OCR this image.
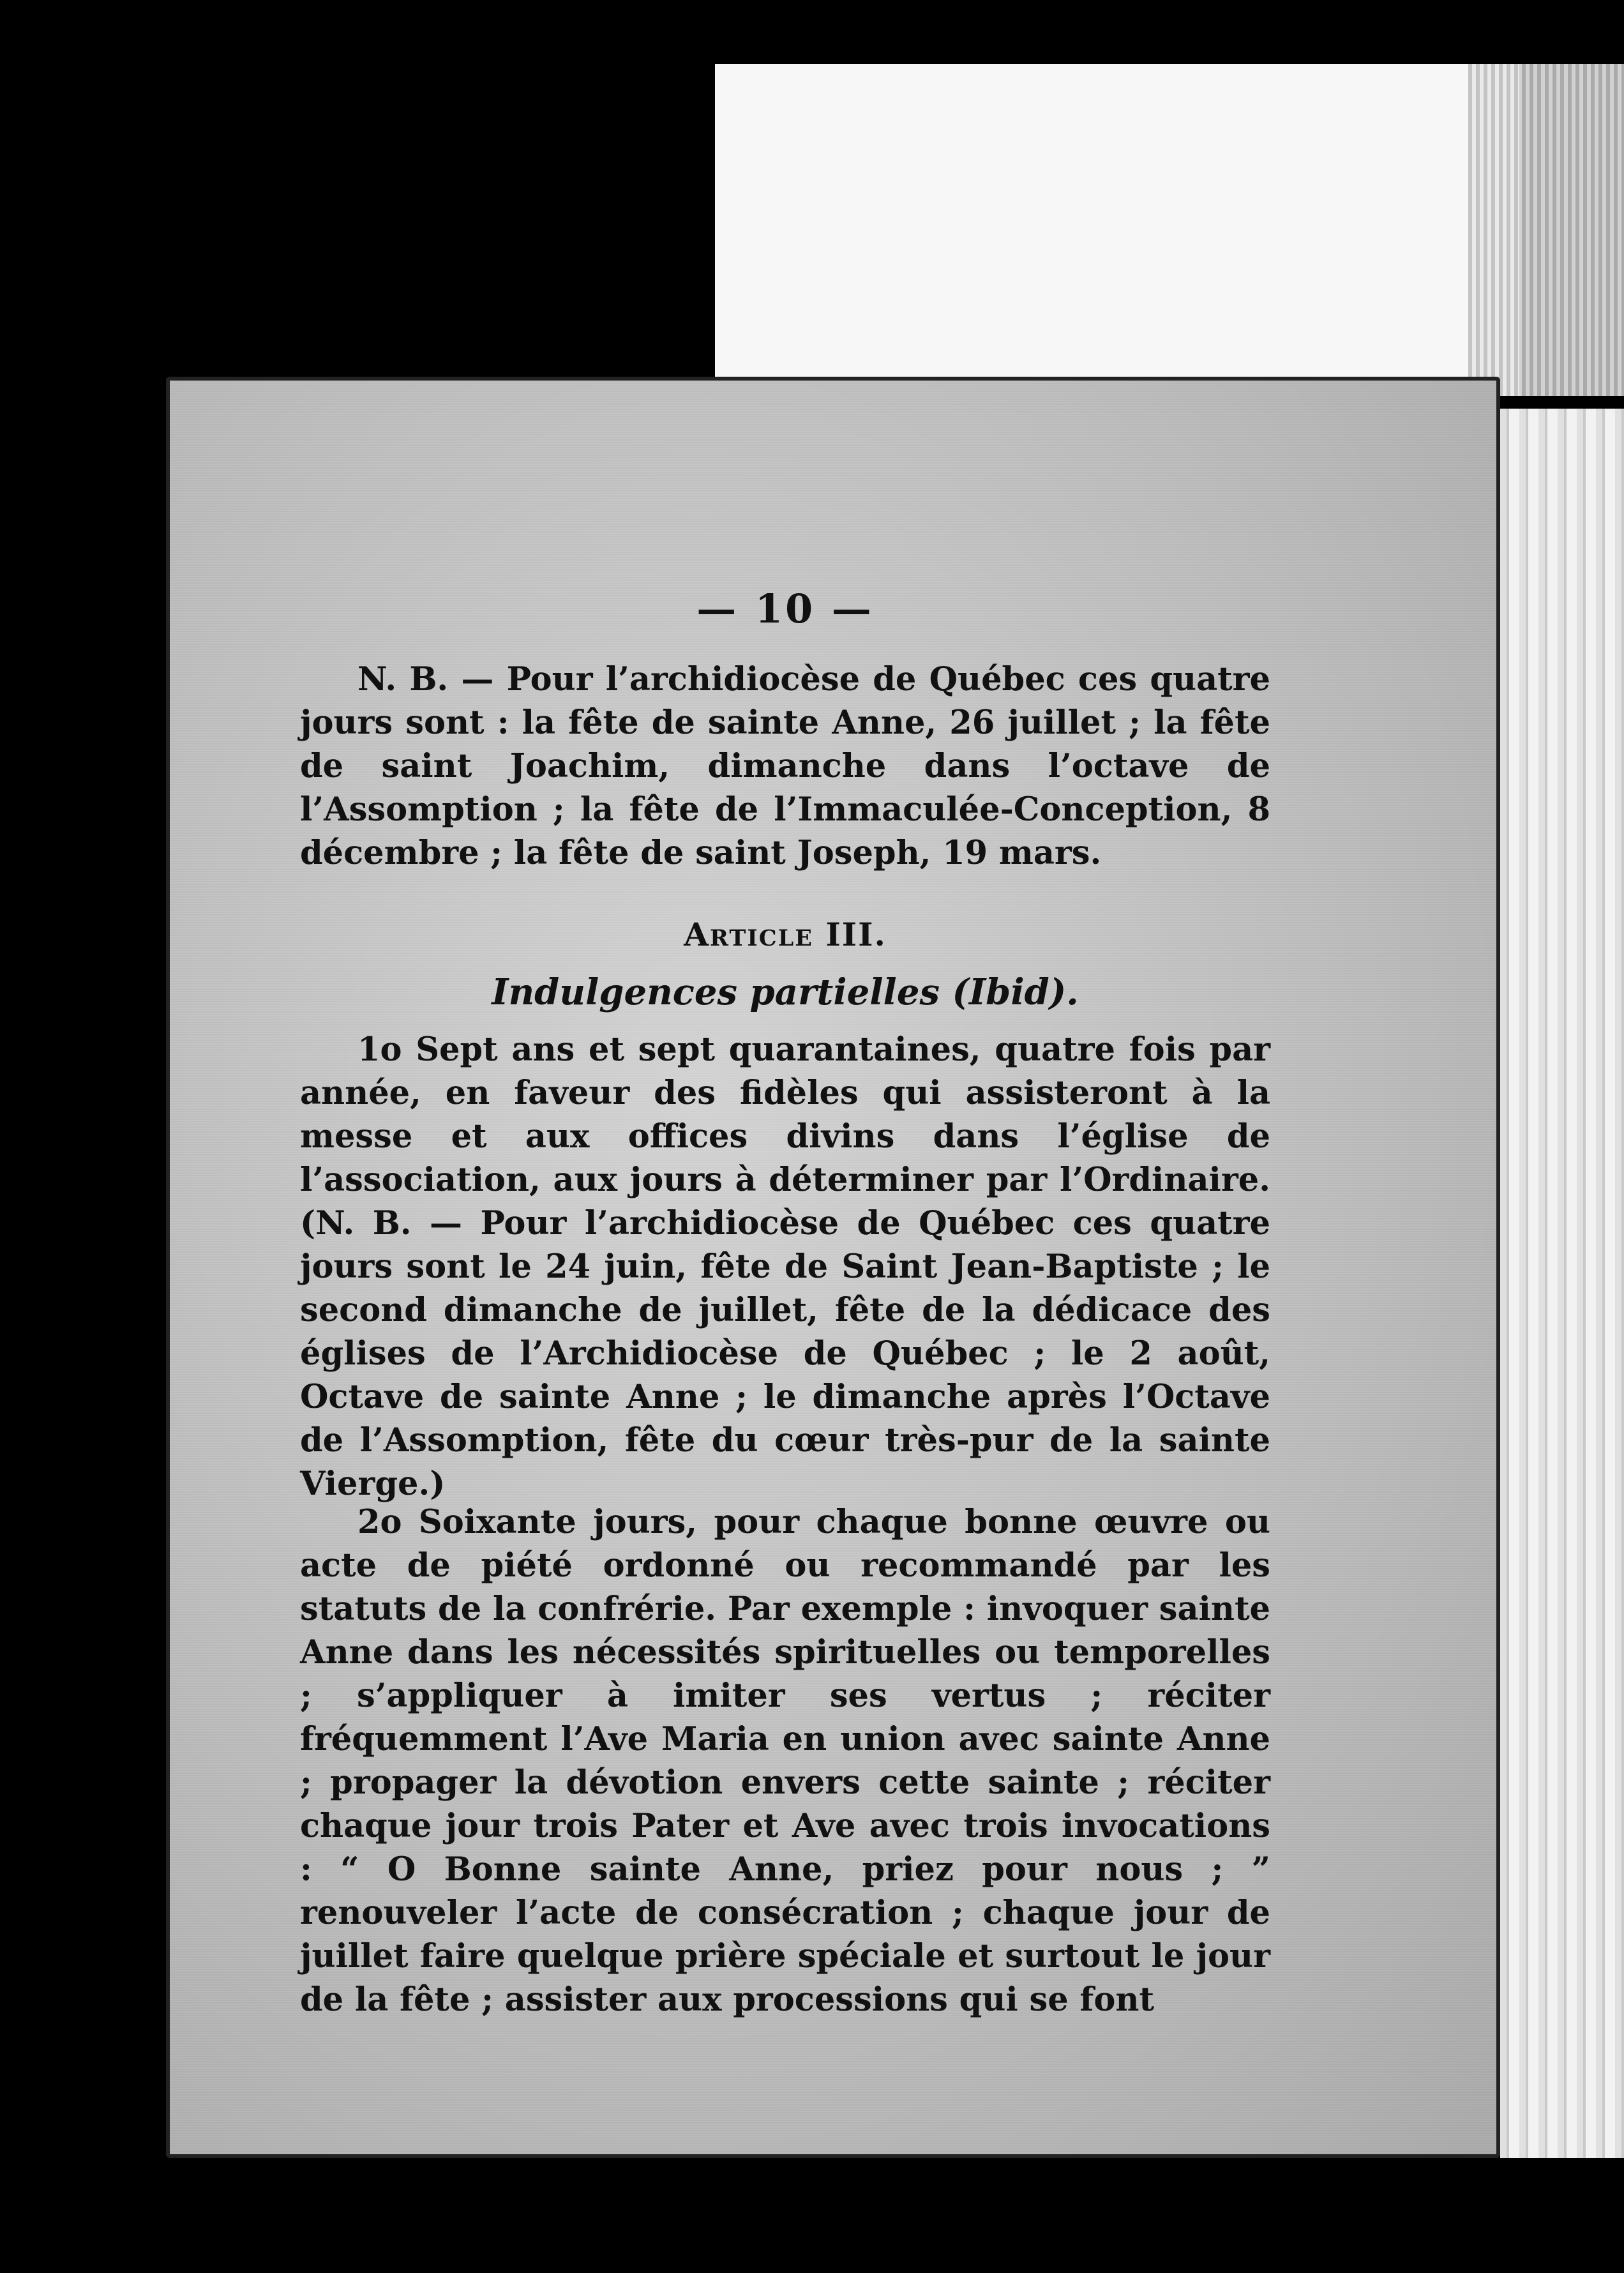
— 10 —

N. B. — Pour l’archidiocèse de Québec ces quatre jours sont : la fête de sainte Anne, 26 juillet ; la fête de saint Joachim, dimanche dans l’octave de l’Assomption ; la fête de l’Immaculée-Conception, 8 décembre ; la fête de saint Joseph, 19 mars.

Article III.
Indulgences partielles (Ibid).

1o Sept ans et sept quarantaines, quatre fois par année, en faveur des fidèles qui assisteront à la messe et aux offices divins dans l’église de l’association, aux jours à déterminer par l’Ordinaire. (N. B. — Pour l’archidiocèse de Québec ces quatre jours sont le 24 juin, fête de Saint Jean-Baptiste ; le second dimanche de juillet, fête de la dédicace des églises de l’Archidiocèse de Québec ; le 2 août, Octave de sainte Anne ; le dimanche après l’Octave de l’Assomption, fête du cœur très-pur de la sainte Vierge.)

2o Soixante jours, pour chaque bonne œuvre ou acte de piété ordonné ou recommandé par les statuts de la confrérie. Par exemple : invoquer sainte Anne dans les nécessités spirituelles ou temporelles ; s’appliquer à imiter ses vertus ; réciter fréquemment l’Ave Maria en union avec sainte Anne ; propager la dévotion envers cette sainte ; réciter chaque jour trois Pater et Ave avec trois invocations : “ O Bonne sainte Anne, priez pour nous ; ” renouveler l’acte de consécration ; chaque jour de juillet faire quelque prière spéciale et surtout le jour de la fête ; assister aux processions qui se font
